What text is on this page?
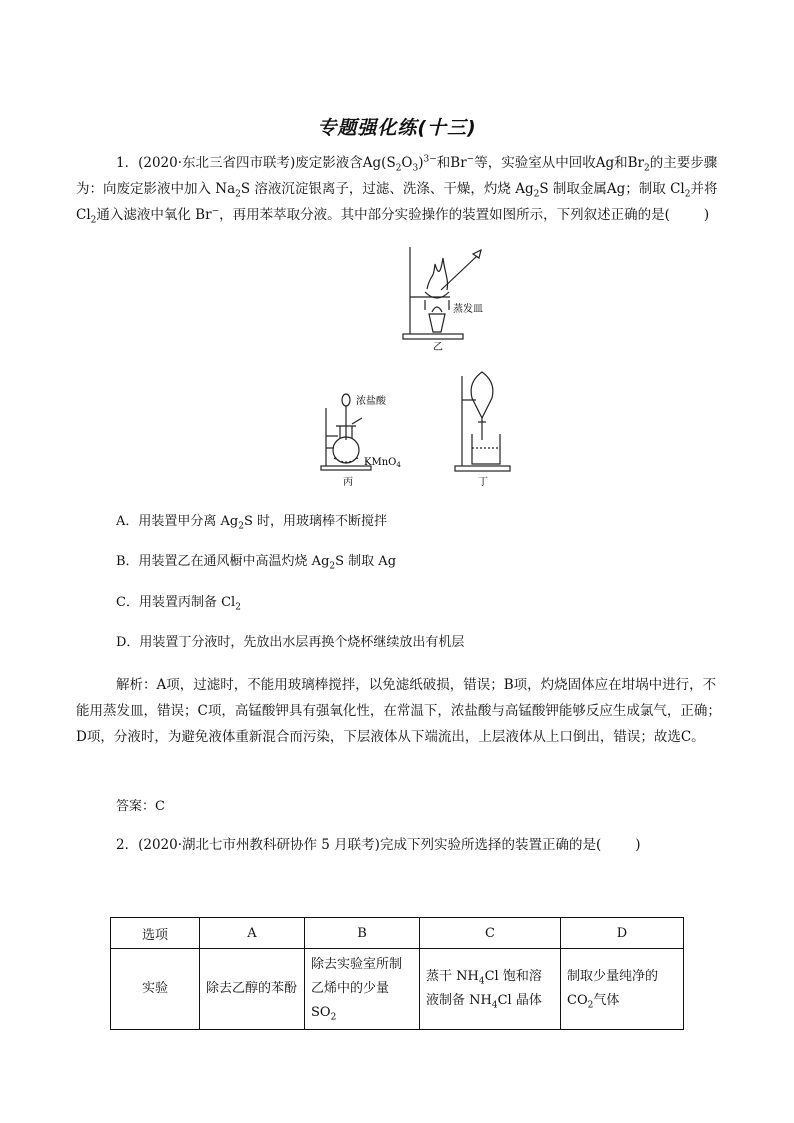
专题强化练(十三)
1．(2020·东北三省四市联考)废定影液含$Ag(S_2O_3)^{3-}$和Br−等，实验室从中回收Ag和$Br_2$的主要步骤为：向废定影液中加入 $Na_2S$ 溶液沉淀银离子，过滤、洗涤、干燥，灼烧 $Ag_2S$ 制取金属Ag；制取 $Cl_2$并将$Cl_2$通入滤液中氧化 Br−，再用苯萃取分液。其中部分实验操作的装置如图所示，下列叙述正确的是(	)
蒸发皿
乙
浓盐酸
KMnO$_4$
丙	丁
A．用装置甲分离 $Ag_2S$ 时，用玻璃棒不断搅拌
B．用装置乙在通风橱中高温灼烧 $Ag_2S$ 制取 Ag
C．用装置丙制备 $Cl_2$
D．用装置丁分液时，先放出水层再换个烧杯继续放出有机层
解析：A项，过滤时，不能用玻璃棒搅拌，以免滤纸破损，错误；B项，灼烧固体应在坩埚中进行，不能用蒸发皿，错误；C项，高锰酸钾具有强氧化性，在常温下，浓盐酸与高锰酸钾能够反应生成氯气，正确；D项，分液时，为避免液体重新混合而污染，下层液体从下端流出，上层液体从上口倒出，错误；故选C。
答案：C
2．(2020·湖北七市州教科研协作 5 月联考)完成下列实验所选择的装置正确的是(	)
选项	A	B	C	D
实验	除去乙醇的苯酚	除去实验室所制乙烯中的少量 $SO_2$	蒸干 $NH_4Cl$ 饱和溶液制备 $NH_4Cl$ 晶体	制取少量纯净的 $CO_2$气体
